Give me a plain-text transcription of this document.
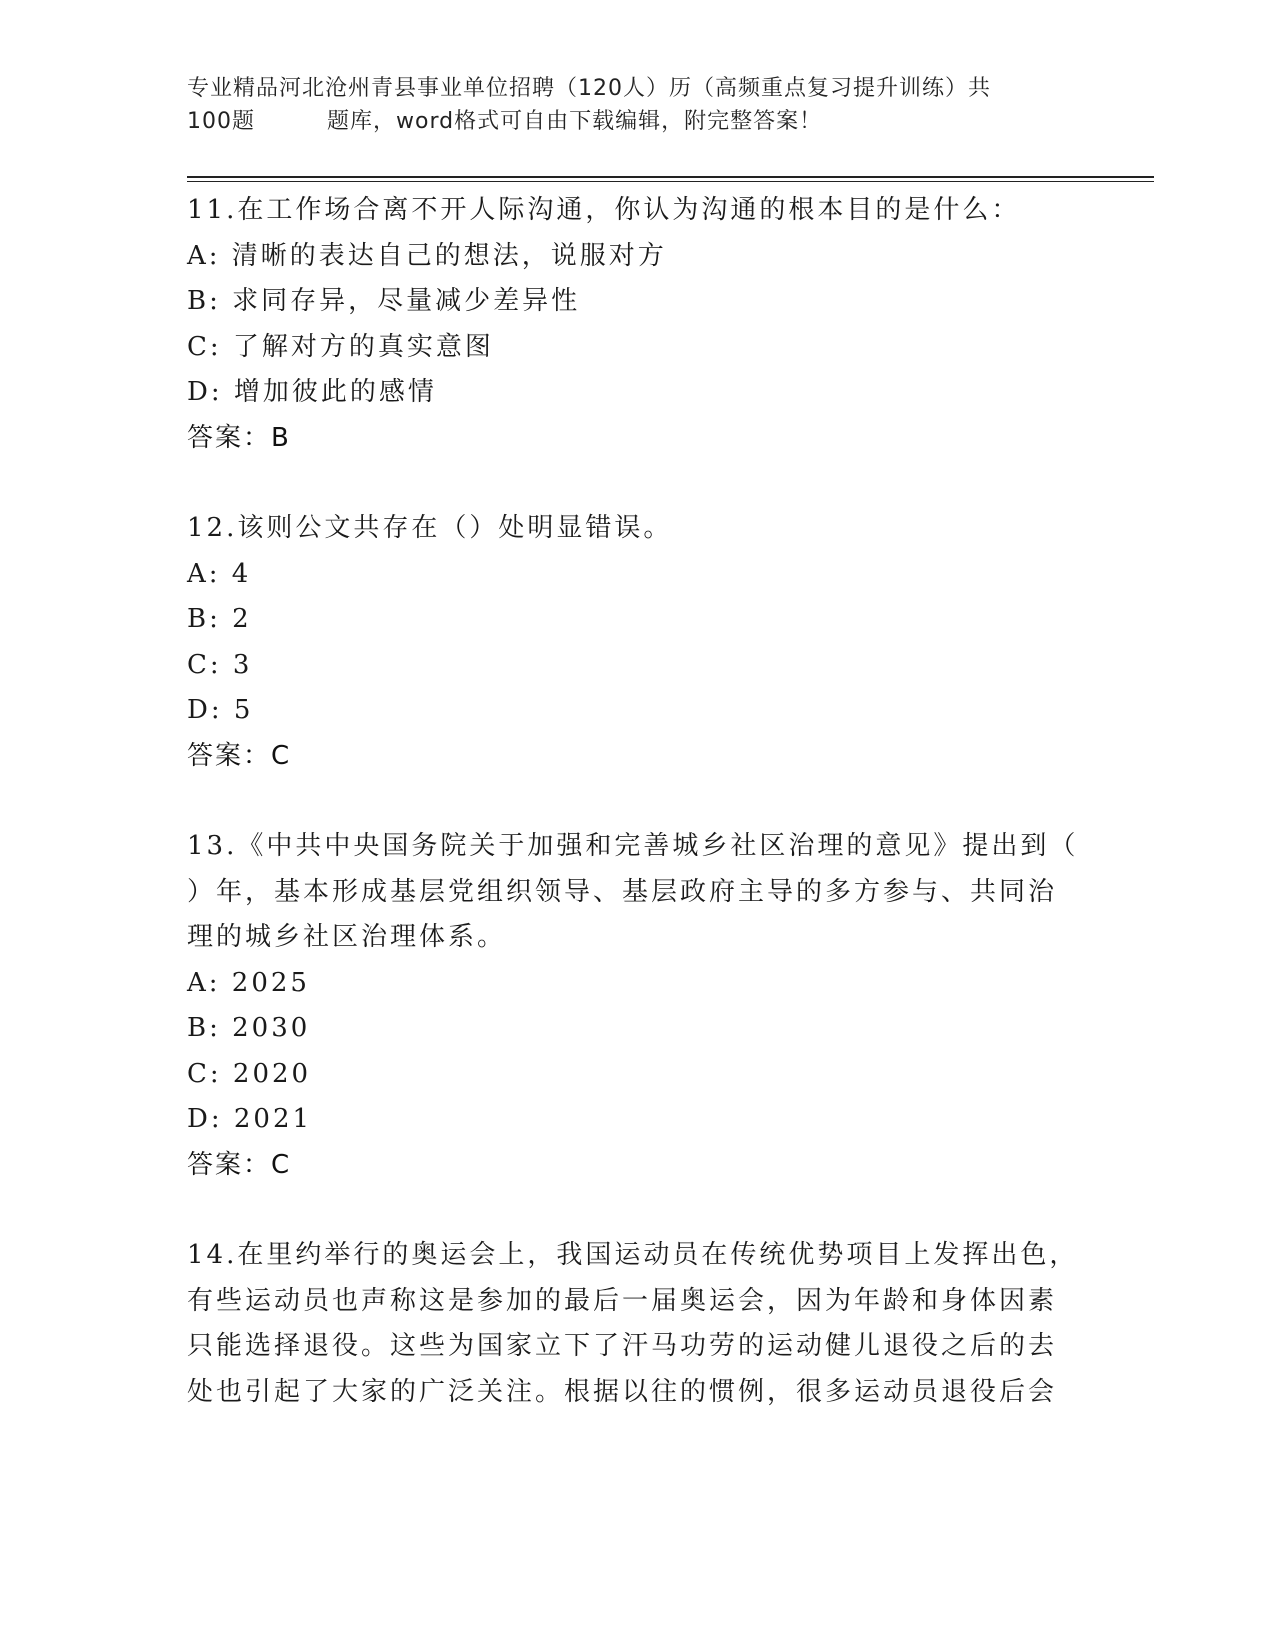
专业精品河北沧州青县事业单位招聘（120人）历（高频重点复习提升训练）共
100题	题库，word格式可自由下载编辑，附完整答案！
11.在工作场合离不开人际沟通，你认为沟通的根本目的是什么：
A: 清晰的表达自己的想法，说服对方
B: 求同存异，尽量减少差异性
C: 了解对方的真实意图
D: 增加彼此的感情
答案：B
12.该则公文共存在（）处明显错误。
A: 4
B: 2
C: 3
D: 5
答案：C
13.《中共中央国务院关于加强和完善城乡社区治理的意见》提出到（
）年，基本形成基层党组织领导、基层政府主导的多方参与、共同治
理的城乡社区治理体系。
A: 2025
B: 2030
C: 2020
D: 2021
答案：C
14.在里约举行的奥运会上，我国运动员在传统优势项目上发挥出色，
有些运动员也声称这是参加的最后一届奥运会，因为年龄和身体因素
只能选择退役。这些为国家立下了汗马功劳的运动健儿退役之后的去
处也引起了大家的广泛关注。根据以往的惯例，很多运动员退役后会
